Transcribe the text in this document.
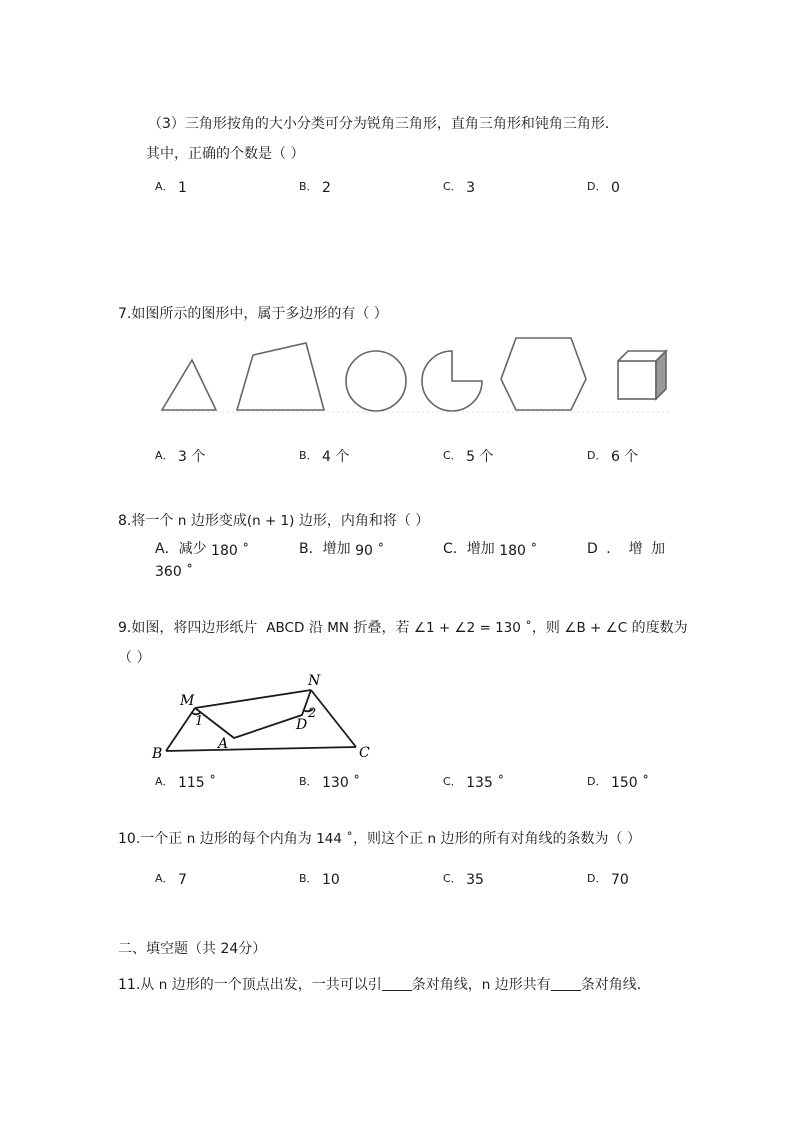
（3）三角形按角的大小分类可分为锐角三角形，直角三角形和钝角三角形．
其中，正确的个数是（ ）
A． 1	B． 2	C． 3	D． 0
7.如图所示的图形中，属于多边形的有（ ）
A． 3 个	B． 4 个	C． 5 个	D． 6 个
8.将一个 n 边形变成(n + 1) 边形，内角和将（ ）
A．减少 180 ˚	B．增加 90 ˚	C．增加 180 ˚	D ． 增 加
360 ˚
9.如图，将四边形纸片 ABCD 沿 MN 折叠，若 ∠1 + ∠2 = 130 ˚，则 ∠B + ∠C 的度数为
（ ）
M
N
1
2
A
D
B	C
A． 115 ˚	B． 130 ˚	C． 135 ˚	D． 150 ˚
10.一个正 n 边形的每个内角为 144 ˚，则这个正 n 边形的所有对角线的条数为（ ）
A． 7	B． 10	C． 35	D． 70
二、填空题（共 24分）
11.从 n 边形的一个顶点出发，一共可以引 条对角线，n 边形共有 条对角线．
